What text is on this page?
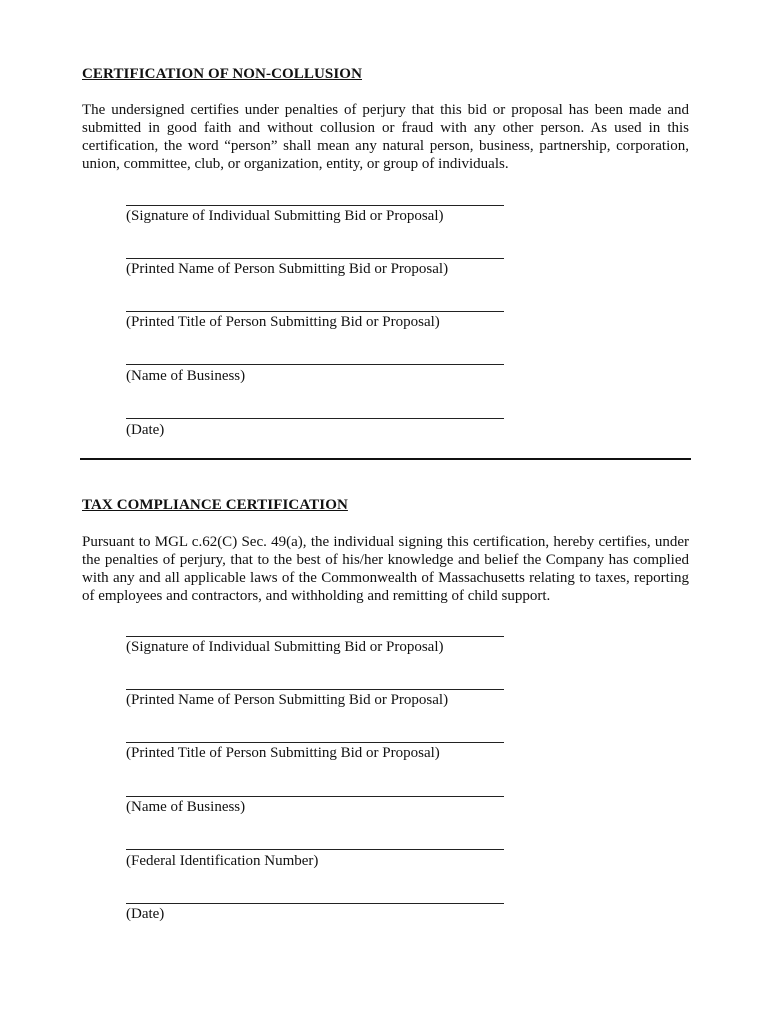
CERTIFICATION OF NON-COLLUSION

The undersigned certifies under penalties of perjury that this bid or proposal has been made and submitted in good faith and without collusion or fraud with any other person. As used in this certification, the word “person” shall mean any natural person, business, partnership, corporation, union, committee, club, or organization, entity, or group of individuals.

(Signature of Individual Submitting Bid or Proposal)
(Printed Name of Person Submitting Bid or Proposal)
(Printed Title of Person Submitting Bid or Proposal)
(Name of Business)
(Date)
TAX COMPLIANCE CERTIFICATION

Pursuant to MGL c.62(C) Sec. 49(a), the individual signing this certification, hereby certifies, under the penalties of perjury, that to the best of his/her knowledge and belief the Company has complied with any and all applicable laws of the Commonwealth of Massachusetts relating to taxes, reporting of employees and contractors, and withholding and remitting of child support.

(Signature of Individual Submitting Bid or Proposal)
(Printed Name of Person Submitting Bid or Proposal)
(Printed Title of Person Submitting Bid or Proposal)
(Name of Business)
(Federal Identification Number)
(Date)
